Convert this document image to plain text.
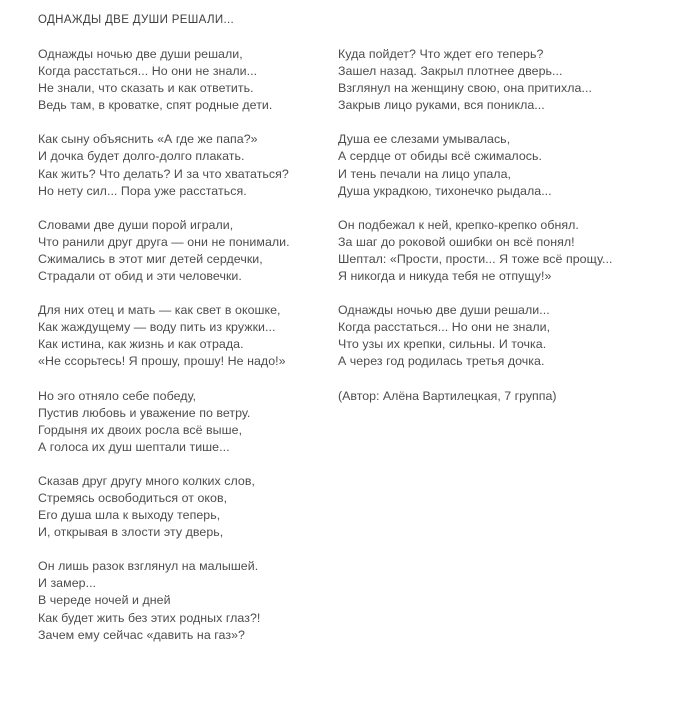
ОДНАЖДЫ ДВЕ ДУШИ РЕШАЛИ...
Однажды ночью две души решали,
Когда расстаться... Но они не знали...
Не знали, что сказать и как ответить.
Ведь там, в кроватке, спят родные дети.
Как сыну объяснить «А где же папа?»
И дочка будет долго-долго плакать.
Как жить? Что делать? И за что хвататься?
Но нету сил... Пора уже расстаться.
Словами две души порой играли,
Что ранили друг друга — они не понимали.
Сжимались в этот миг детей сердечки,
Страдали от обид и эти человечки.
Для них отец и мать — как свет в окошке,
Как жаждущему — воду пить из кружки...
Как истина, как жизнь и как отрада.
«Не ссорьтесь! Я прошу, прошу! Не надо!»
Но эго отняло себе победу,
Пустив любовь и уважение по ветру.
Гордыня их двоих росла всё выше,
А голоса их душ шептали тише...
Сказав друг другу много колких слов,
Стремясь освободиться от оков,
Его душа шла к выходу теперь,
И, открывая в злости эту дверь,
Он лишь разок взглянул на малышей.
И замер...
В череде ночей и дней
Как будет жить без этих родных глаз?!
Зачем ему сейчас «давить на газ»?
Куда пойдет? Что ждет его теперь?
Зашел назад. Закрыл плотнее дверь...
Взглянул на женщину свою, она притихла...
Закрыв лицо руками, вся поникла...
Душа ее слезами умывалась,
А сердце от обиды всё сжималось.
И тень печали на лицо упала,
Душа украдкою, тихонечко рыдала...
Он подбежал к ней, крепко-крепко обнял.
За шаг до роковой ошибки он всё понял!
Шептал: «Прости, прости... Я тоже всё прощу...
Я никогда и никуда тебя не отпущу!»
Однажды ночью две души решали...
Когда расстаться... Но они не знали,
Что узы их крепки, сильны. И точка.
А через год родилась третья дочка.
(Автор: Алёна Вартилецкая, 7 группа)
